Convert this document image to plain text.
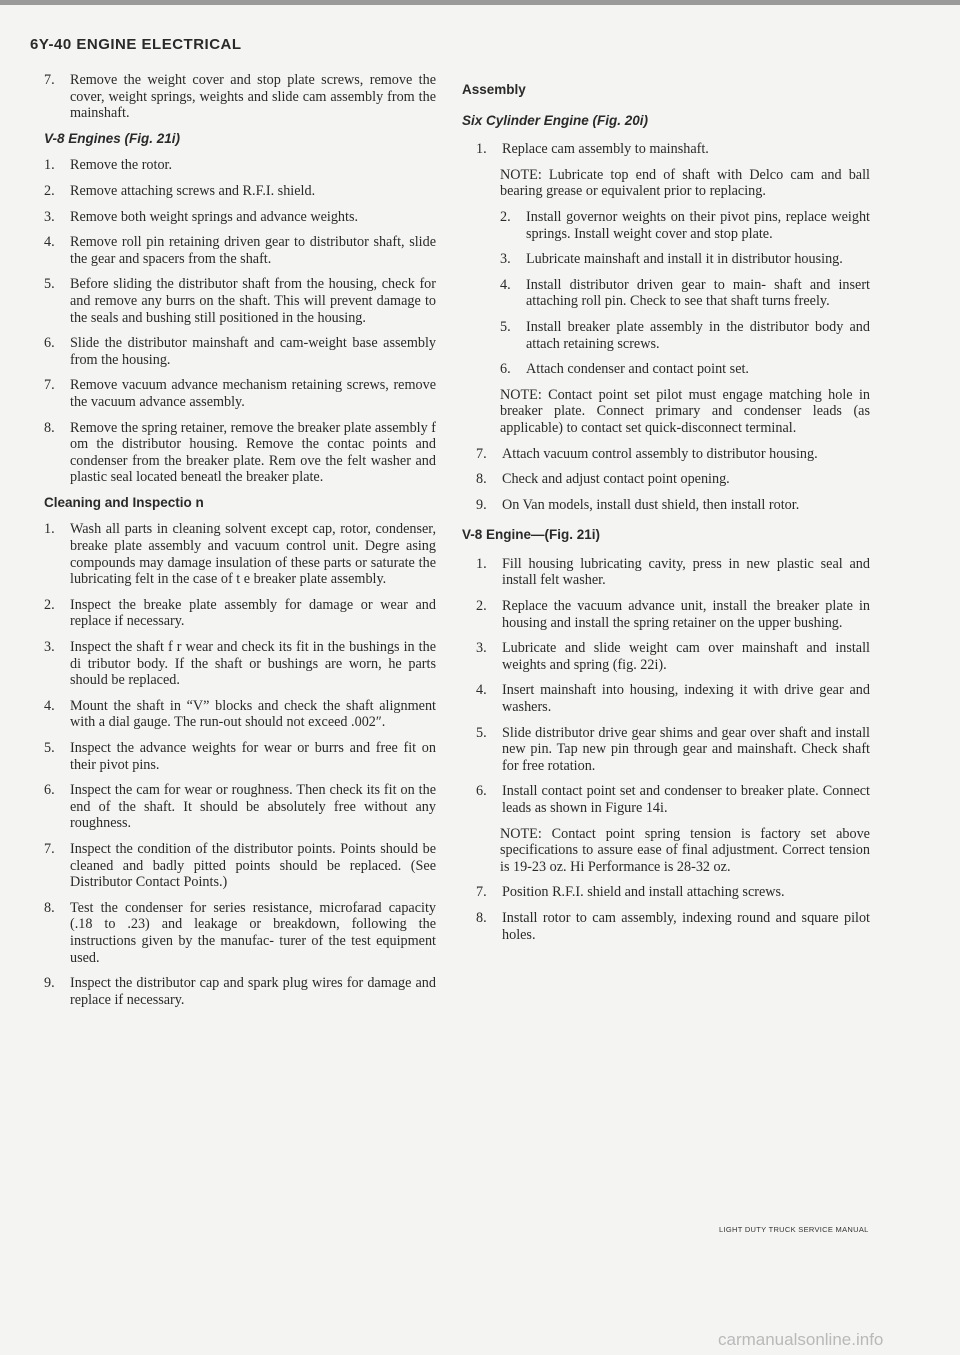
6Y-40 ENGINE ELECTRICAL
7.	Remove the weight cover and stop plate screws, remove the cover, weight springs, weights and slide cam assembly from the mainshaft.
V-8 Engines (Fig. 21i)
1.	Remove the rotor.
2.	Remove attaching screws and R.F.I. shield.
3.	Remove both weight springs and advance weights.
4.	Remove roll pin retaining driven gear to distributor shaft, slide the gear and spacers from the shaft.
5.	Before sliding the distributor shaft from the housing, check for and remove any burrs on the shaft. This will prevent damage to the seals and bushing still positioned in the housing.
6.	Slide the distributor mainshaft and cam-weight base assembly from the housing.
7.	Remove vacuum advance mechanism retaining screws, remove the vacuum advance assembly.
8.	Remove the spring retainer, remove the breaker plate assembly f om the distributor housing. Remove the contac points and condenser from the breaker plate. Rem ove the felt washer and plastic seal located beneatl the breaker plate.
Cleaning and Inspectio n
1.	Wash all parts in cleaning solvent except cap, rotor, condenser, breake plate assembly and vacuum control unit. Degre asing compounds may damage insulation of these parts or saturate the lubricating felt in the case of t e breaker plate assembly.
2.	Inspect the breake plate assembly for damage or wear and replace if necessary.
3.	Inspect the shaft f r wear and check its fit in the bushings in the di tributor body. If the shaft or bushings are worn, he parts should be replaced.
4.	Mount the shaft in “V” blocks and check the shaft alignment with a dial gauge. The run-out should not exceed .002″.
5.	Inspect the advance weights for wear or burrs and free fit on their pivot pins.
6.	Inspect the cam for wear or roughness. Then check its fit on the end of the shaft. It should be absolutely free without any roughness.
7.	Inspect the condition of the distributor points. Points should be cleaned and badly pitted points should be replaced. (See Distributor Contact Points.)
8.	Test the condenser for series resistance, microfarad capacity (.18 to .23) and leakage or breakdown, following the instructions given by the manufac- turer of the test equipment used.
9.	Inspect the distributor cap and spark plug wires for damage and replace if necessary.
Assembly
Six Cylinder Engine (Fig. 20i)
1.	Replace cam assembly to mainshaft.
NOTE: Lubricate top end of shaft with Delco cam and ball bearing grease or equivalent prior to replacing.
2.	Install governor weights on their pivot pins, replace weight springs. Install weight cover and stop plate.
3.	Lubricate mainshaft and install it in distributor housing.
4.	Install distributor driven gear to main- shaft and insert attaching roll pin. Check to see that shaft turns freely.
5.	Install breaker plate assembly in the distributor body and attach retaining screws.
6.	Attach condenser and contact point set.
NOTE: Contact point set pilot must engage matching hole in breaker plate. Connect primary and condenser leads (as applicable) to contact set quick-disconnect terminal.
7.	Attach vacuum control assembly to distributor housing.
8.	Check and adjust contact point opening.
9.	On Van models, install dust shield, then install rotor.
V-8 Engine—(Fig. 21i)
1.	Fill housing lubricating cavity, press in new plastic seal and install felt washer.
2.	Replace the vacuum advance unit, install the breaker plate in housing and install the spring retainer on the upper bushing.
3.	Lubricate and slide weight cam over mainshaft and install weights and spring (fig. 22i).
4.	Insert mainshaft into housing, indexing it with drive gear and washers.
5.	Slide distributor drive gear shims and gear over shaft and install new pin. Tap new pin through gear and mainshaft. Check shaft for free rotation.
6.	Install contact point set and condenser to breaker plate. Connect leads as shown in Figure 14i.
NOTE: Contact point spring tension is factory set above specifications to assure ease of final adjustment. Correct tension is 19-23 oz. Hi Performance is 28-32 oz.
7.	Position R.F.I. shield and install attaching screws.
8.	Install rotor to cam assembly, indexing round and square pilot holes.
LIGHT DUTY TRUCK SERVICE MANUAL
carmanualsonline.info
